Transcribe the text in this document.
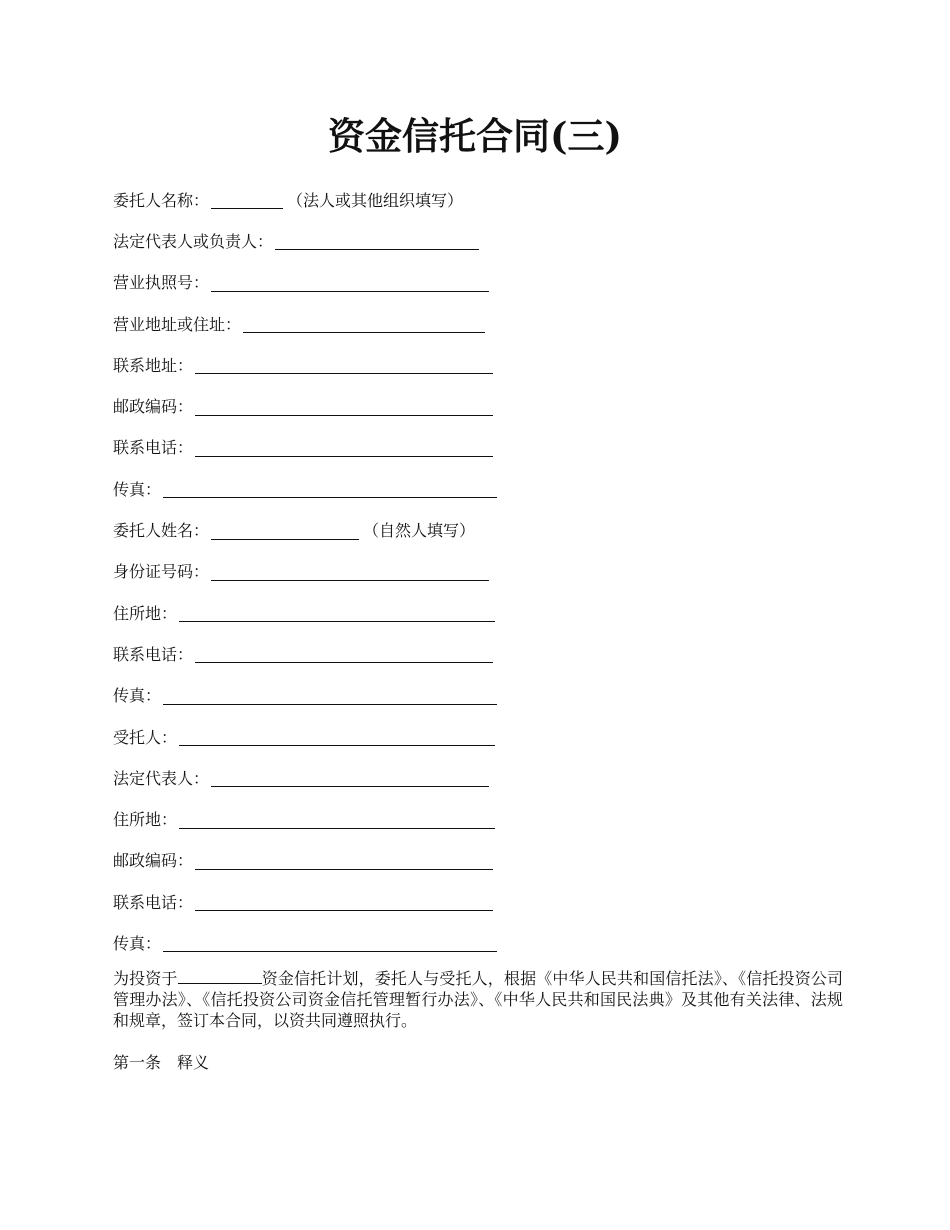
资金信托合同(三)
委托人名称：	（法人或其他组织填写）
法定代表人或负责人：
营业执照号：
营业地址或住址：
联系地址：
邮政编码：
联系电话：
传真：
委托人姓名：	（自然人填写）
身份证号码：
住所地：
联系电话：
传真：
受托人：
法定代表人：
住所地：
邮政编码：
联系电话：
传真：
为投资于	资金信托计划，委托人与受托人，根据《中华人民共和国信托法》、《信托投资公司管理办法》、《信托投资公司资金信托管理暂行办法》、《中华人民共和国民法典》及其他有关法律、法规和规章，签订本合同，以资共同遵照执行。
第一条　释义
